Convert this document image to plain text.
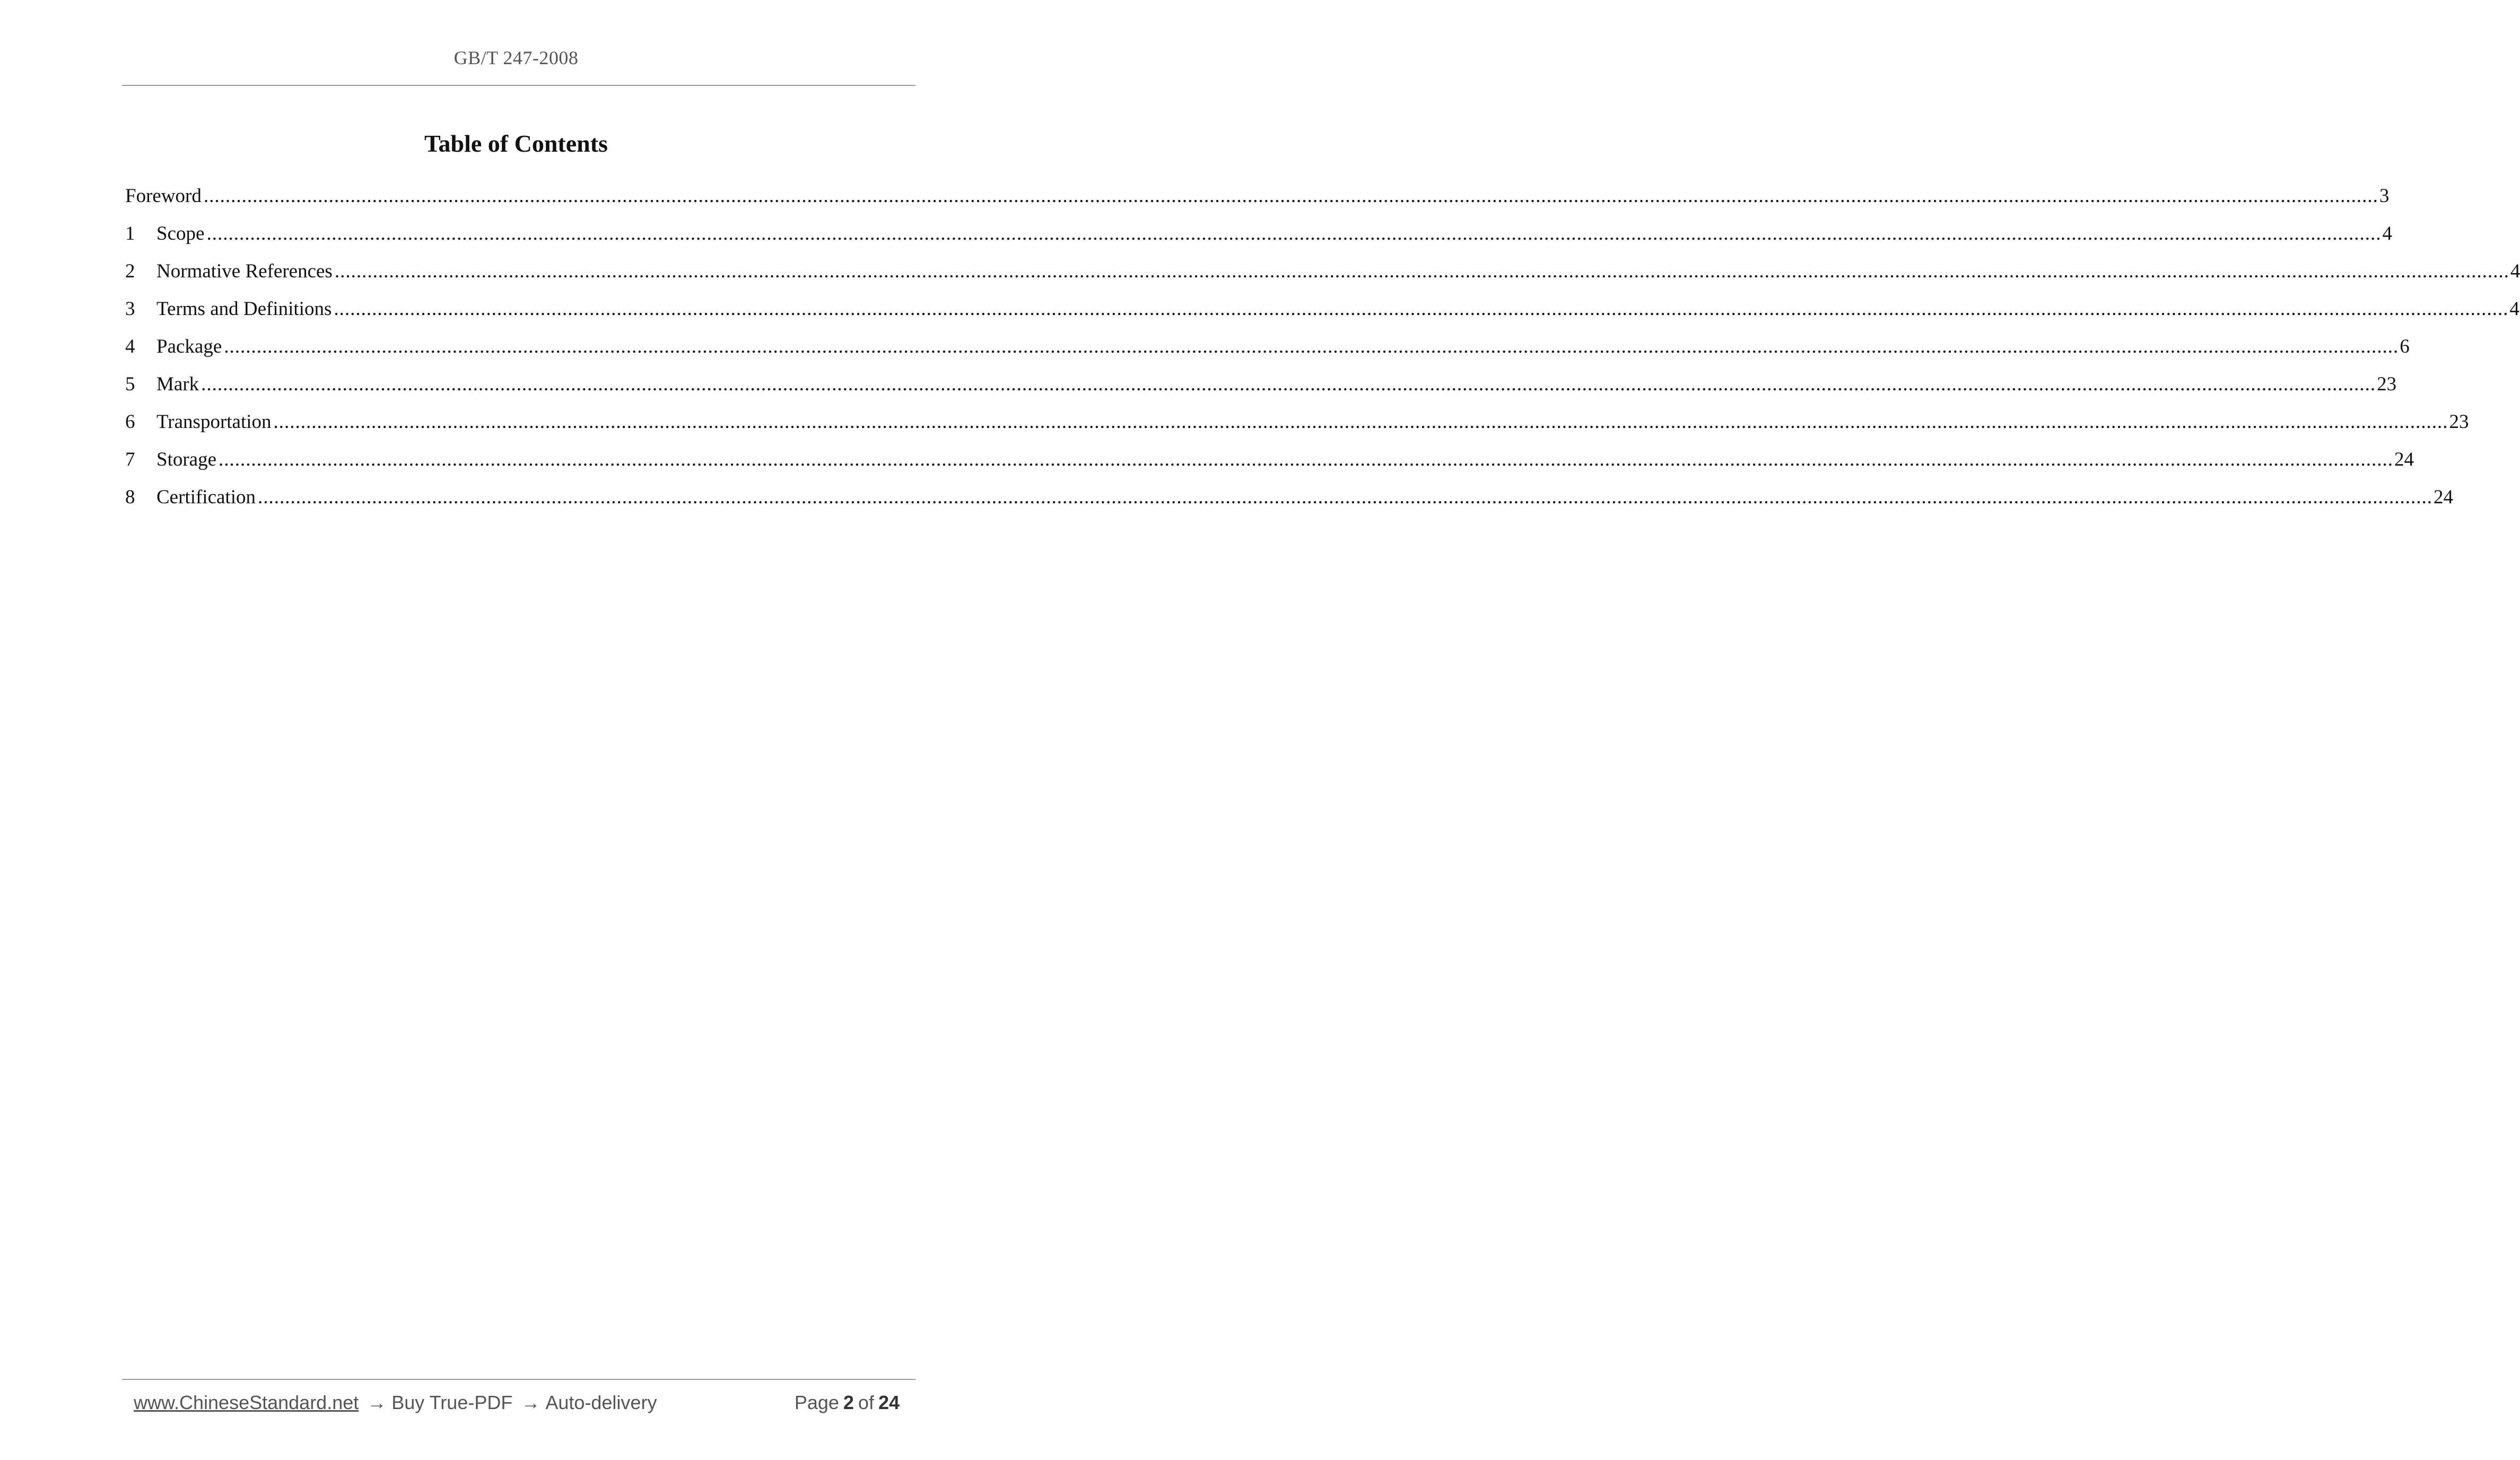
GB/T 247-2008
Table of Contents
Foreword ................................................................................................................................................................................................................................................................................................................................................................................................................ 3
1	Scope ................................................................................................................................................................................................................................................................................................................................................................................................................ 4
2	Normative References ................................................................................................................................................................................................................................................................................................................................................................................................................ 4
3	Terms and Definitions ................................................................................................................................................................................................................................................................................................................................................................................................................ 4
4	Package ................................................................................................................................................................................................................................................................................................................................................................................................................ 6
5	Mark ................................................................................................................................................................................................................................................................................................................................................................................................................ 23
6	Transportation ................................................................................................................................................................................................................................................................................................................................................................................................................ 23
7	Storage ................................................................................................................................................................................................................................................................................................................................................................................................................ 24
8	Certification ................................................................................................................................................................................................................................................................................................................................................................................................................ 24
www.ChineseStandard.net → Buy True-PDF → Auto-delivery	Page 2 of 24
